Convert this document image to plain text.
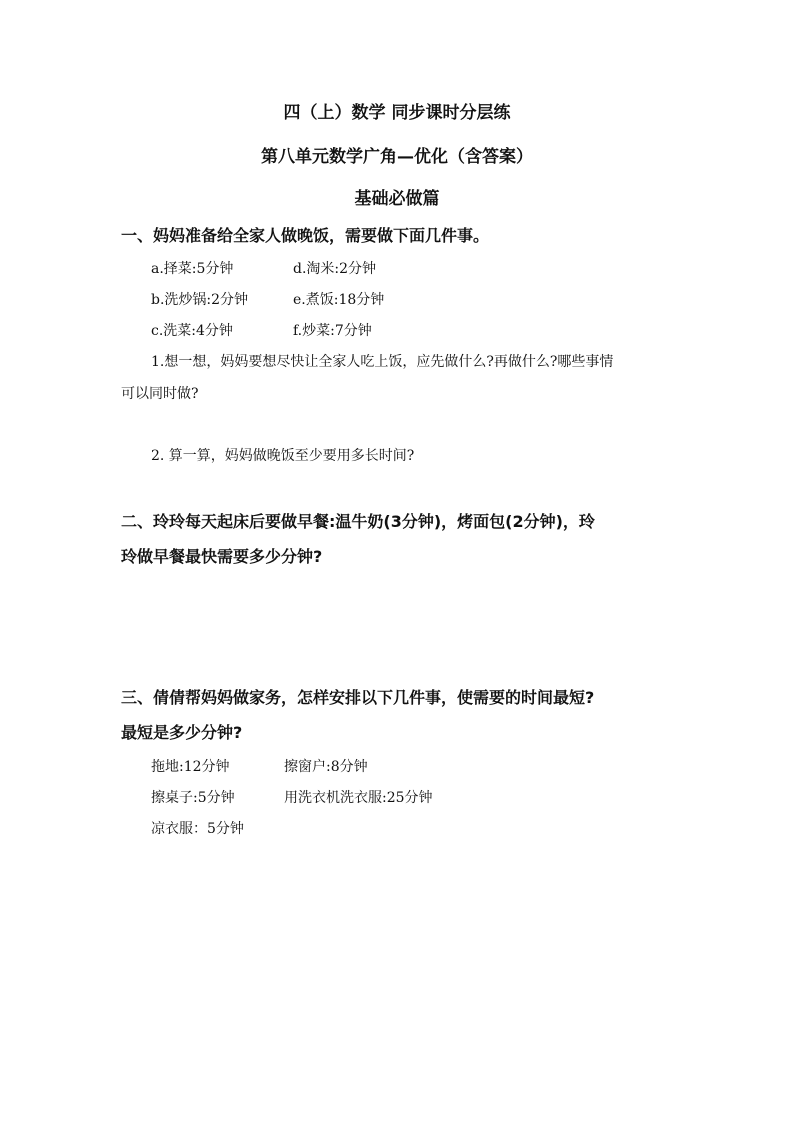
四（上）数学 同步课时分层练
第八单元数学广角—优化（含答案）
基础必做篇
一、妈妈准备给全家人做晚饭，需要做下面几件事。
a.择菜:5分钟	d.淘米:2分钟
b.洗炒锅:2分钟	e.煮饭:18分钟
c.洗菜:4分钟	f.炒菜:7分钟
1.想一想，妈妈要想尽快让全家人吃上饭，应先做什么?再做什么?哪些事情
可以同时做?
2. 算一算，妈妈做晚饭至少要用多长时间?
二、玲玲每天起床后要做早餐:温牛奶(3分钟)，烤面包(2分钟)，玲
玲做早餐最快需要多少分钟?
三、倩倩帮妈妈做家务，怎样安排以下几件事，使需要的时间最短?
最短是多少分钟?
拖地:12分钟	擦窗户:8分钟
擦桌子:5分钟	用洗衣机洗衣服:25分钟
凉衣服：5分钟
